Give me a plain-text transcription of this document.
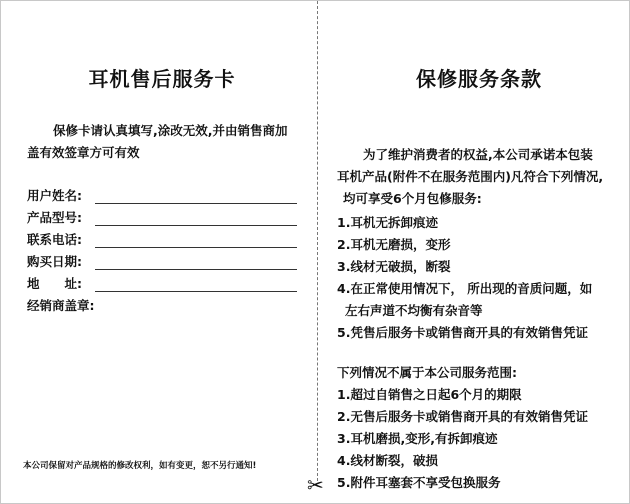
✂
耳机售后服务卡
保修卡请认真填写,涂改无效,并由销售商加盖有效签章方可有效
用户姓名:
产品型号:
联系电话:
购买日期:
地　　址:
经销商盖章:
本公司保留对产品规格的修改权利，如有变更，恕不另行通知!
保修服务条款
为了维护消费者的权益,本公司承诺本包装
耳机产品(附件不在服务范围内)凡符合下列情况,
均可享受6个月包修服务:
1.耳机无拆卸痕迹
2.耳机无磨损，变形
3.线材无破损，断裂
4.在正常使用情况下， 所出现的音质问题，如
左右声道不均衡有杂音等
5.凭售后服务卡或销售商开具的有效销售凭证
下列情况不属于本公司服务范围:
1.超过自销售之日起6个月的期限
2.无售后服务卡或销售商开具的有效销售凭证
3.耳机磨损,变形,有拆卸痕迹
4.线材断裂，破损
5.附件耳塞套不享受包换服务
